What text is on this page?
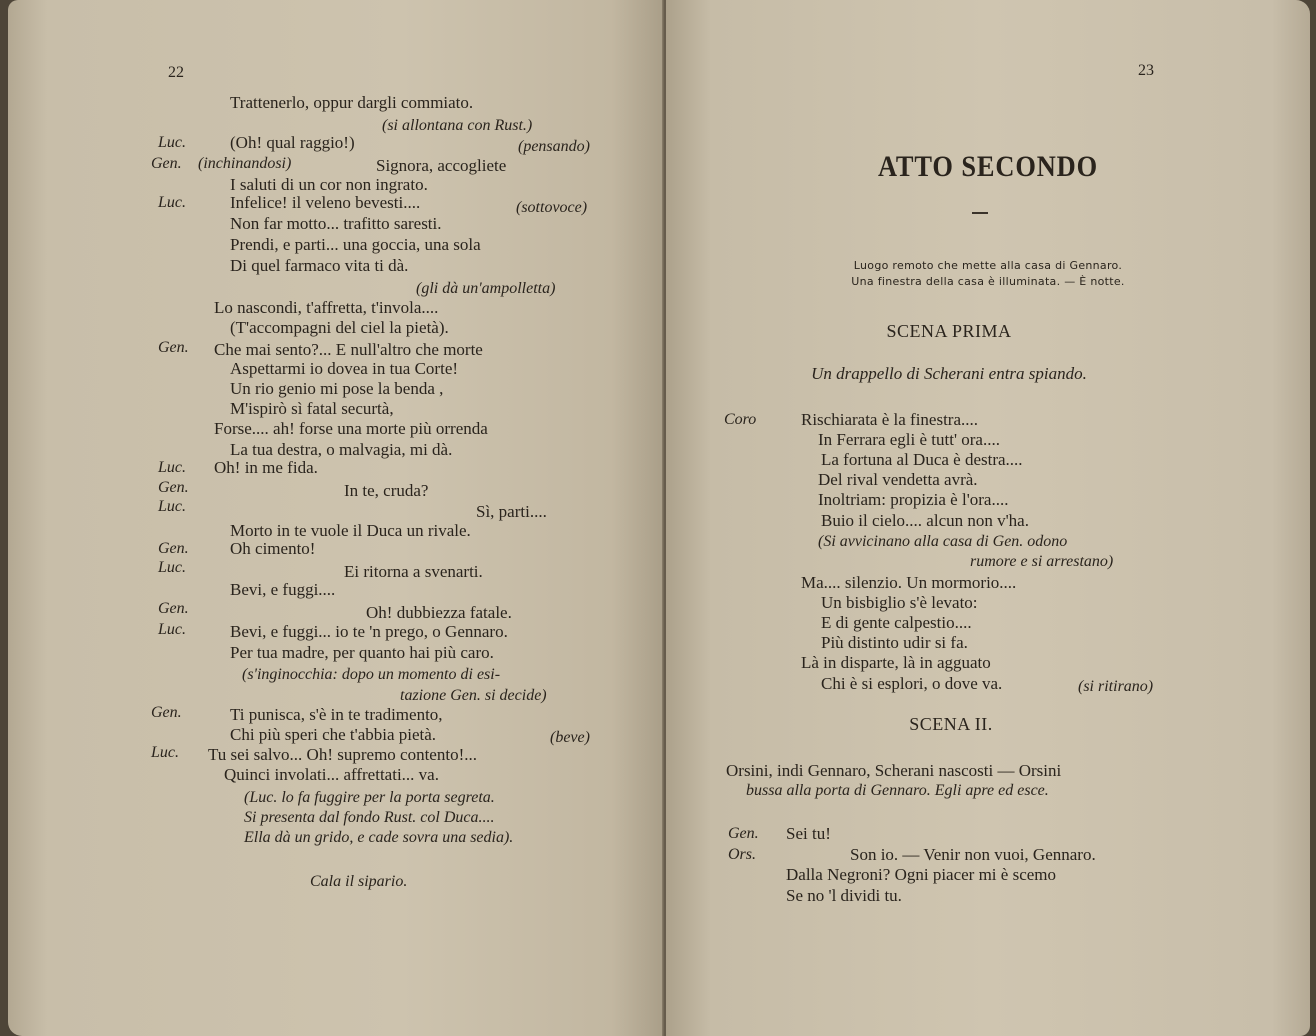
22
Trattenerlo, oppur dargli commiato.
(si allontana con Rust.)
Luc.	(Oh! qual raggio!)	(pensando)
Gen. (inchinandosi)	Signora, accogliete
I saluti di un cor non ingrato.
Luc.	Infelice! il veleno bevesti....	(sottovoce)
Non far motto... trafitto saresti.
Prendi, e parti... una goccia, una sola
Di quel farmaco vita ti dà.
(gli dà un'ampolletta)
Lo nascondi, t'affretta, t'invola....
(T'accompagni del ciel la pietà).
Gen. Che mai sento?... E null'altro che morte
Aspettarmi io dovea in tua Corte!
Un rio genio mi pose la benda ,
M'ispirò sì fatal securtà,
Forse.... ah! forse una morte più orrenda
La tua destra, o malvagia, mi dà.
Luc. Oh! in me fida.
Gen.	In te, cruda?
Luc.	Sì, parti....
Morto in te vuole il Duca un rivale.
Gen. Oh cimento!
Luc.	Ei ritorna a svenarti.
Bevi, e fuggi....
Gen.	Oh! dubbiezza fatale.
Luc.	Bevi, e fuggi... io te 'n prego, o Gennaro.
Per tua madre, per quanto hai più caro.
(s'inginocchia: dopo un momento di esi-
tazione Gen. si decide)
Gen.	Ti punisca, s'è in te tradimento,
Chi più speri che t'abbia pietà.	(beve)
Luc. Tu sei salvo... Oh! supremo contento!...
Quinci involati... affrettati... va.
(Luc. lo fa fuggire per la porta segreta.
Si presenta dal fondo Rust. col Duca....
Ella dà un grido, e cade sovra una sedia).
Cala il sipario.
23
ATTO SECONDO
Luogo remoto che mette alla casa di Gennaro.
Una finestra della casa è illuminata. — È notte.
SCENA PRIMA
Un drappello di Scherani entra spiando.
Coro	Rischiarata è la finestra....
In Ferrara egli è tutt' ora....
La fortuna al Duca è destra....
Del rival vendetta avrà.
Inoltriam: propizia è l'ora....
Buio il cielo.... alcun non v'ha.
(Si avvicinano alla casa di Gen. odono
rumore e si arrestano)
Ma.... silenzio. Un mormorio....
Un bisbiglio s'è levato:
E di gente calpestio....
Più distinto udir si fa.
Là in disparte, là in agguato
Chi è si esplori, o dove va.	(si ritirano)
SCENA II.
Orsini, indi Gennaro, Scherani nascosti — Orsini
bussa alla porta di Gennaro. Egli apre ed esce.
Gen. Sei tu!
Ors.	Son io. — Venir non vuoi, Gennaro.
Dalla Negroni? Ogni piacer mi è scemo
Se no 'l dividi tu.
